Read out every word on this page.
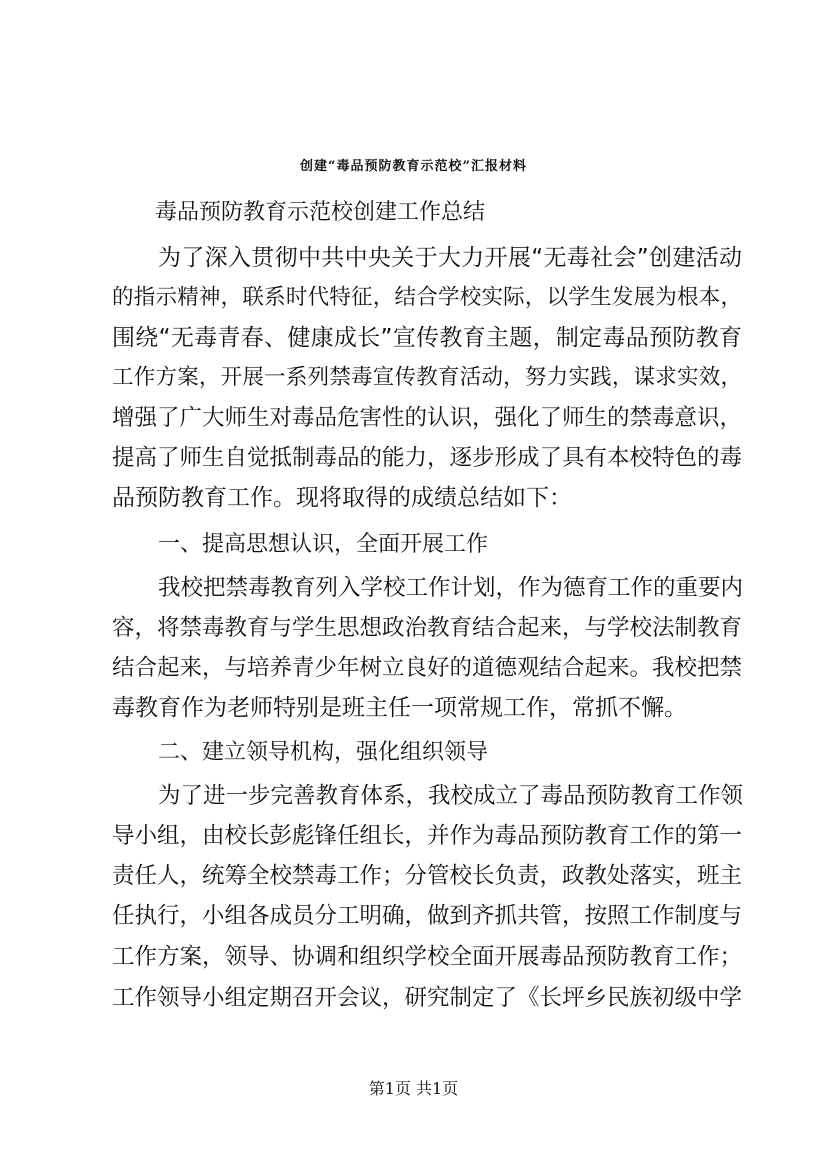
创建“毒品预防教育示范校”汇报材料
毒品预防教育示范校创建工作总结
为了深入贯彻中共中央关于大力开展“无毒社会”创建活动
的指示精神，联系时代特征，结合学校实际，以学生发展为根本，
围绕“无毒青春、健康成长”宣传教育主题，制定毒品预防教育
工作方案，开展一系列禁毒宣传教育活动，努力实践，谋求实效，
增强了广大师生对毒品危害性的认识，强化了师生的禁毒意识，
提高了师生自觉抵制毒品的能力，逐步形成了具有本校特色的毒
品预防教育工作。现将取得的成绩总结如下：
一、提高思想认识，全面开展工作
我校把禁毒教育列入学校工作计划，作为德育工作的重要内
容，将禁毒教育与学生思想政治教育结合起来，与学校法制教育
结合起来，与培养青少年树立良好的道德观结合起来。我校把禁
毒教育作为老师特别是班主任一项常规工作，常抓不懈。
二、建立领导机构，强化组织领导
为了进一步完善教育体系，我校成立了毒品预防教育工作领
导小组，由校长彭彪锋任组长，并作为毒品预防教育工作的第一
责任人，统筹全校禁毒工作；分管校长负责，政教处落实，班主
任执行，小组各成员分工明确，做到齐抓共管，按照工作制度与
工作方案，领导、协调和组织学校全面开展毒品预防教育工作；
工作领导小组定期召开会议，研究制定了《长坪乡民族初级中学
第1页 共1页
